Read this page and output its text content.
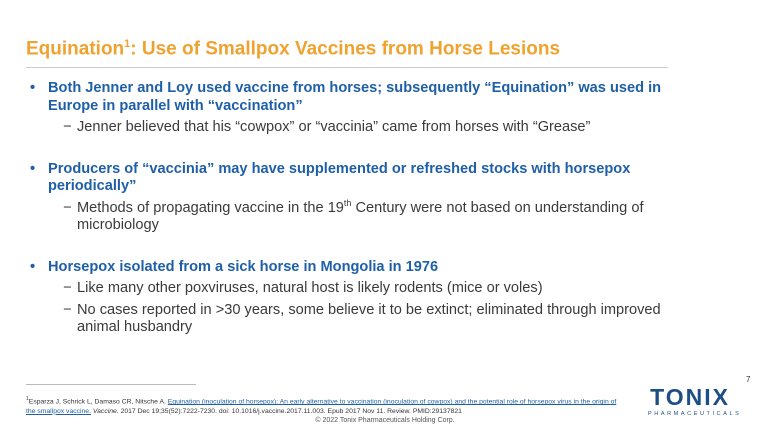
Equination$^1$: Use of Smallpox Vaccines from Horse Lesions
• Both Jenner and Loy used vaccine from horses; subsequently “Equination” was used in Europe in parallel with “vaccination”
− Jenner believed that his “cowpox” or “vaccinia” came from horses with “Grease”
• Producers of “vaccinia” may have supplemented or refreshed stocks with horsepox periodically”
− Methods of propagating vaccine in the 19th Century were not based on understanding of microbiology
• Horsepox isolated from a sick horse in Mongolia in 1976
− Like many other poxviruses, natural host is likely rodents (mice or voles)
− No cases reported in >30 years, some believe it to be extinct; eliminated through improved animal husbandry
$^1$Esparza J, Schrick L, Damaso CR, Nitsche A. Equination (inoculation of horsepox): An early alternative to vaccination (inoculation of cowpox) and the potential role of horsepox virus in the origin of the smallpox vaccine. Vaccine. 2017 Dec 19;35(52):7222-7230. doi: 10.1016/j.vaccine.2017.11.003. Epub 2017 Nov 11. Review. PMID:29137821
© 2022 Tonix Pharmaceuticals Holding Corp.
TONIX
PHARMACEUTICALS
7
